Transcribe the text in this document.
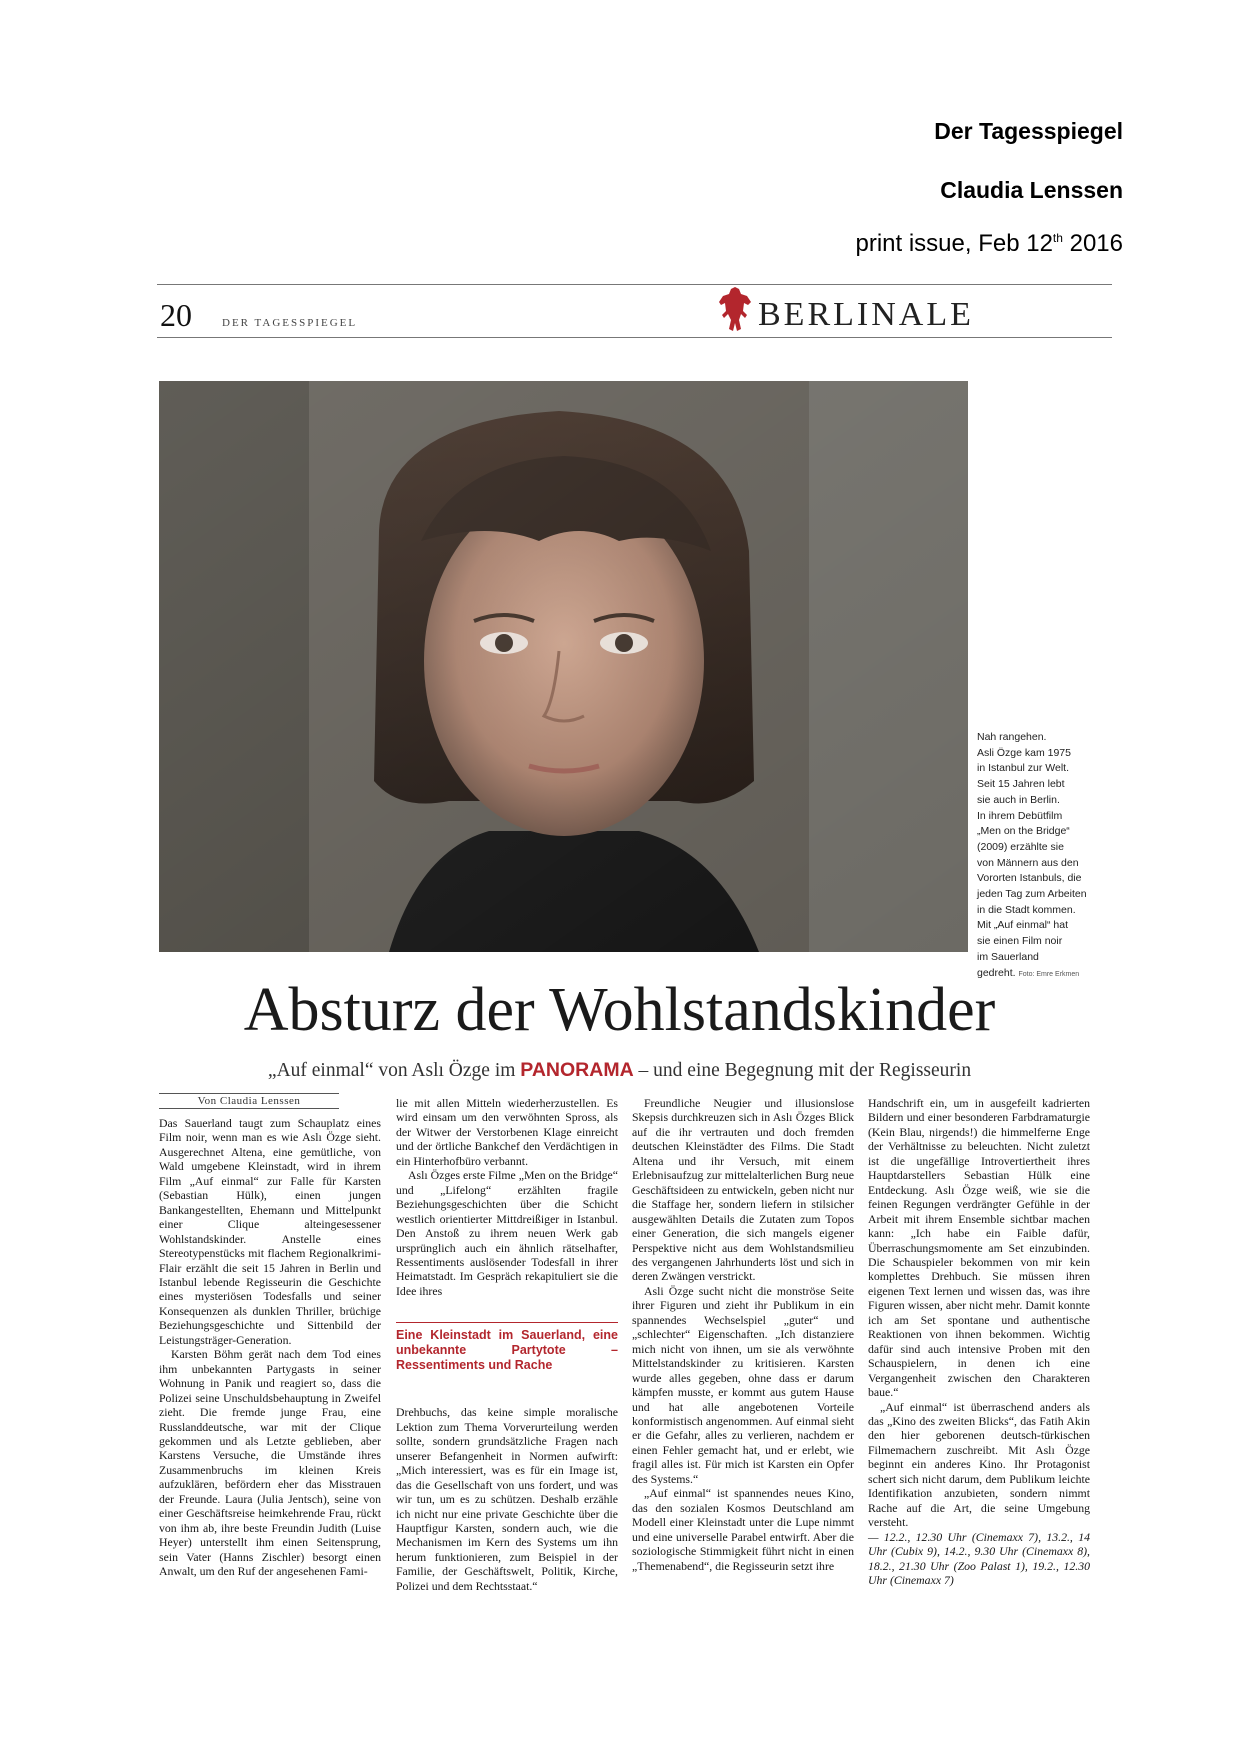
Der Tagesspiegel
Claudia Lenssen
print issue, Feb 12th 2016
20	DER TAGESSPIEGEL	BERLINALE
Nah rangehen.
Asli Özge kam 1975
in Istanbul zur Welt.
Seit 15 Jahren lebt
sie auch in Berlin.
In ihrem Debütfilm
„Men on the Bridge“
(2009) erzählte sie
von Männern aus den
Vororten Istanbuls, die
jeden Tag zum Arbeiten
in die Stadt kommen.
Mit „Auf einmal“ hat
sie einen Film noir
im Sauerland
gedreht. Foto: Emre Erkmen
Absturz der Wohlstandskinder
„Auf einmal“ von Aslı Özge im PANORAMA – und eine Begegnung mit der Regisseurin
Von Claudia Lenssen

Das Sauerland taugt zum Schauplatz eines Film noir, wenn man es wie Aslı Özge sieht. Ausgerechnet Altena, eine gemütliche, von Wald umgebene Kleinstadt, wird in ihrem Film „Auf einmal“ zur Falle für Karsten (Sebastian Hülk), einen jungen Bankangestellten, Ehemann und Mittelpunkt einer Clique alteingesessener Wohlstandskinder. Anstelle eines Stereotypenstücks mit flachem Regionalkrimi-Flair erzählt die seit 15 Jahren in Berlin und Istanbul lebende Regisseurin die Geschichte eines mysteriösen Todesfalls und seiner Konsequenzen als dunklen Thriller, brüchige Beziehungsgeschichte und Sittenbild der Leistungsträger-Generation.

Karsten Böhm gerät nach dem Tod eines ihm unbekannten Partygasts in seiner Wohnung in Panik und reagiert so, dass die Polizei seine Unschuldsbehauptung in Zweifel zieht. Die fremde junge Frau, eine Russlanddeutsche, war mit der Clique gekommen und als Letzte geblieben, aber Karstens Versuche, die Umstände ihres Zusammenbruchs im kleinen Kreis aufzuklären, befördern eher das Misstrauen der Freunde. Laura (Julia Jentsch), seine von einer Geschäftsreise heimkehrende Frau, rückt von ihm ab, ihre beste Freundin Judith (Luise Heyer) unterstellt ihm einen Seitensprung, sein Vater (Hanns Zischler) besorgt einen Anwalt, um den Ruf der angesehenen Fami-

lie mit allen Mitteln wiederherzustellen. Es wird einsam um den verwöhnten Spross, als der Witwer der Verstorbenen Klage einreicht und der örtliche Bankchef den Verdächtigen in ein Hinterhofbüro verbannt.

Aslı Özges erste Filme „Men on the Bridge“ und „Lifelong“ erzählten fragile Beziehungsgeschichten über die Schicht westlich orientierter Mittdreißiger in Istanbul. Den Anstoß zu ihrem neuen Werk gab ursprünglich auch ein ähnlich rätselhafter, Ressentiments auslösender Todesfall in ihrer Heimatstadt. Im Gespräch rekapituliert sie die Idee ihres

Eine Kleinstadt im Sauerland, eine unbekannte Partytote – Ressentiments und Rache

Drehbuchs, das keine simple moralische Lektion zum Thema Vorverurteilung werden sollte, sondern grundsätzliche Fragen nach unserer Befangenheit in Normen aufwirft: „Mich interessiert, was es für ein Image ist, das die Gesellschaft von uns fordert, und was wir tun, um es zu schützen. Deshalb erzähle ich nicht nur eine private Geschichte über die Hauptfigur Karsten, sondern auch, wie die Mechanismen im Kern des Systems um ihn herum funktionieren, zum Beispiel in der Familie, der Geschäftswelt, Politik, Kirche, Polizei und dem Rechtsstaat.“

Freundliche Neugier und illusionslose Skepsis durchkreuzen sich in Aslı Özges Blick auf die ihr vertrauten und doch fremden deutschen Kleinstädter des Films. Die Stadt Altena und ihr Versuch, mit einem Erlebnisaufzug zur mittelalterlichen Burg neue Geschäftsideen zu entwickeln, geben nicht nur die Staffage her, sondern liefern in stilsicher ausgewählten Details die Zutaten zum Topos einer Generation, die sich mangels eigener Perspektive nicht aus dem Wohlstandsmilieu des vergangenen Jahrhunderts löst und sich in deren Zwängen verstrickt.

Asli Özge sucht nicht die monströse Seite ihrer Figuren und zieht ihr Publikum in ein spannendes Wechselspiel „guter“ und „schlechter“ Eigenschaften. „Ich distanziere mich nicht von ihnen, um sie als verwöhnte Mittelstandskinder zu kritisieren. Karsten wurde alles gegeben, ohne dass er darum kämpfen musste, er kommt aus gutem Hause und hat alle angebotenen Vorteile konformistisch angenommen. Auf einmal sieht er die Gefahr, alles zu verlieren, nachdem er einen Fehler gemacht hat, und er erlebt, wie fragil alles ist. Für mich ist Karsten ein Opfer des Systems.“

„Auf einmal“ ist spannendes neues Kino, das den sozialen Kosmos Deutschland am Modell einer Kleinstadt unter die Lupe nimmt und eine universelle Parabel entwirft. Aber die soziologische Stimmigkeit führt nicht in einen „Themenabend“, die Regisseurin setzt ihre

Handschrift ein, um in ausgefeilt kadrierten Bildern und einer besonderen Farbdramaturgie (Kein Blau, nirgends!) die himmelferne Enge der Verhältnisse zu beleuchten. Nicht zuletzt ist die ungefällige Introvertiertheit ihres Hauptdarstellers Sebastian Hülk eine Entdeckung. Aslı Özge weiß, wie sie die feinen Regungen verdrängter Gefühle in der Arbeit mit ihrem Ensemble sichtbar machen kann: „Ich habe ein Faible dafür, Überraschungsmomente am Set einzubinden. Die Schauspieler bekommen von mir kein komplettes Drehbuch. Sie müssen ihren eigenen Text lernen und wissen das, was ihre Figuren wissen, aber nicht mehr. Damit konnte ich am Set spontane und authentische Reaktionen von ihnen bekommen. Wichtig dafür sind auch intensive Proben mit den Schauspielern, in denen ich eine Vergangenheit zwischen den Charakteren baue.“

„Auf einmal“ ist überraschend anders als das „Kino des zweiten Blicks“, das Fatih Akin den hier geborenen deutsch-türkischen Filmemachern zuschreibt. Mit Aslı Özge beginnt ein anderes Kino. Ihr Protagonist schert sich nicht darum, dem Publikum leichte Identifikation anzubieten, sondern nimmt Rache auf die Art, die seine Umgebung versteht.

— 12.2., 12.30 Uhr (Cinemaxx 7), 13.2., 14 Uhr (Cubix 9), 14.2., 9.30 Uhr (Cinemaxx 8), 18.2., 21.30 Uhr (Zoo Palast 1), 19.2., 12.30 Uhr (Cinemaxx 7)
